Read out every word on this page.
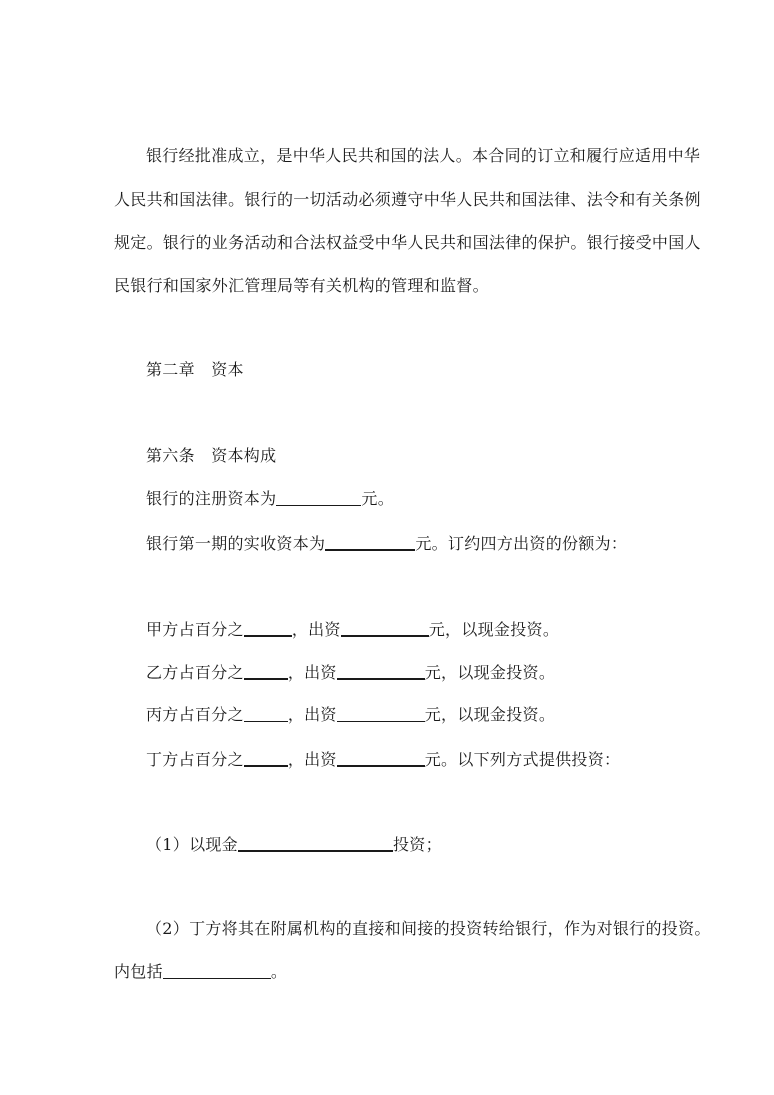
银行经批准成立，是中华人民共和国的法人。本合同的订立和履行应适用中华
人民共和国法律。银行的一切活动必须遵守中华人民共和国法律、法令和有关条例
规定。银行的业务活动和合法权益受中华人民共和国法律的保护。银行接受中国人
民银行和国家外汇管理局等有关机构的管理和监督。
第二章　资本
第六条　资本构成
银行的注册资本为	元。
银行第一期的实收资本为	元。订约四方出资的份额为：
甲方占百分之	，出资	元，以现金投资。
乙方占百分之	，出资	元，以现金投资。
丙方占百分之	，出资	元，以现金投资。
丁方占百分之	，出资	元。以下列方式提供投资：
（1）以现金	投资；
（2）丁方将其在附属机构的直接和间接的投资转给银行，作为对银行的投资。
内包括	。
